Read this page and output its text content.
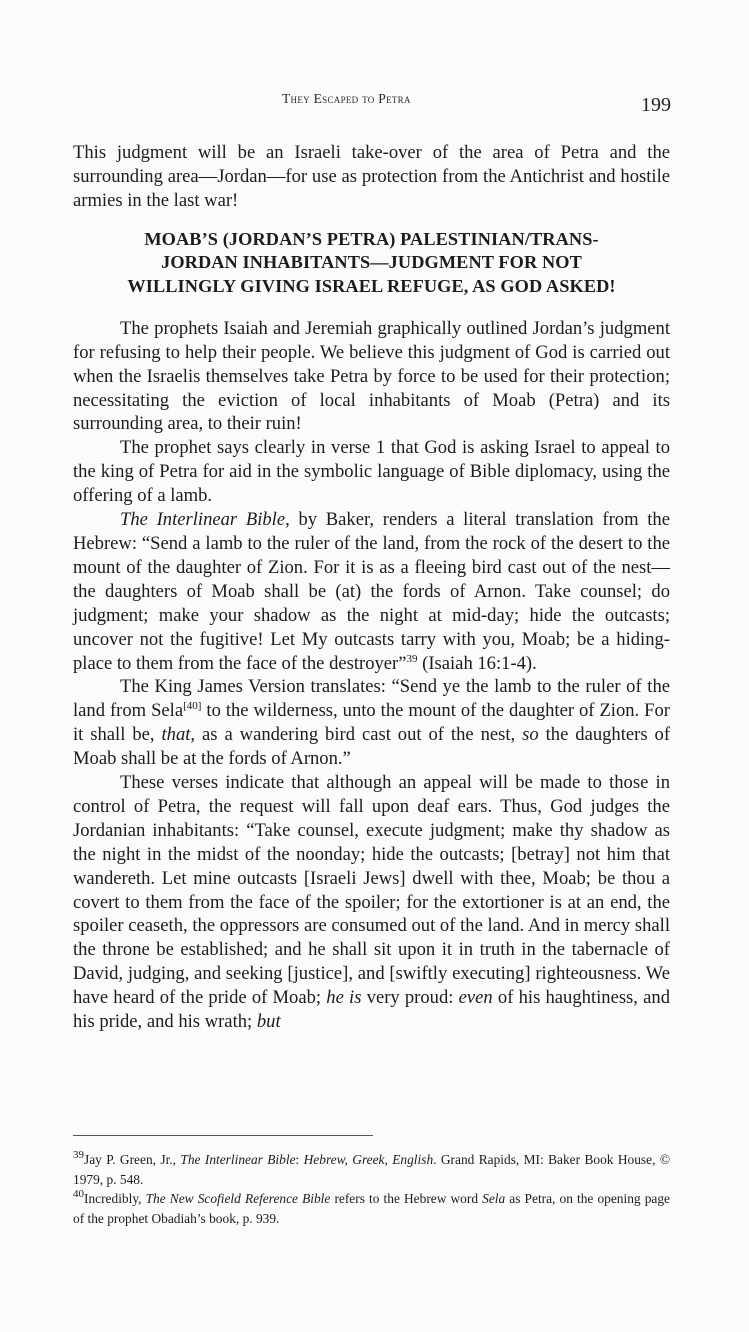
They Escaped to Petra	199

This judgment will be an Israeli take-over of the area of Petra and the surrounding area—Jordan—for use as protection from the Antichrist and hostile armies in the last war!

MOAB’S (JORDAN’S PETRA) PALESTINIAN/TRANS-
JORDAN INHABITANTS—JUDGMENT FOR NOT
WILLINGLY GIVING ISRAEL REFUGE, AS GOD ASKED!

The prophets Isaiah and Jeremiah graphically outlined Jordan’s judgment for refusing to help their people. We believe this judgment of God is carried out when the Israelis themselves take Petra by force to be used for their protection; necessitating the eviction of local inhabitants of Moab (Petra) and its surrounding area, to their ruin!

The prophet says clearly in verse 1 that God is asking Israel to appeal to the king of Petra for aid in the symbolic language of Bible diplomacy, using the offering of a lamb.

The Interlinear Bible, by Baker, renders a literal translation from the Hebrew: “Send a lamb to the ruler of the land, from the rock of the desert to the mount of the daughter of Zion. For it is as a fleeing bird cast out of the nest—the daughters of Moab shall be (at) the fords of Arnon. Take counsel; do judgment; make your shadow as the night at mid-day; hide the outcasts; uncover not the fugitive! Let My outcasts tarry with you, Moab; be a hiding-place to them from the face of the destroyer”$^{39}$ (Isaiah 16:1-4).

The King James Version translates: “Send ye the lamb to the ruler of the land from Sela[40] to the wilderness, unto the mount of the daughter of Zion. For it shall be, that, as a wandering bird cast out of the nest, so the daughters of Moab shall be at the fords of Arnon.”

These verses indicate that although an appeal will be made to those in control of Petra, the request will fall upon deaf ears. Thus, God judges the Jordanian inhabitants: “Take counsel, execute judgment; make thy shadow as the night in the midst of the noonday; hide the outcasts; [betray] not him that wandereth. Let mine outcasts [Israeli Jews] dwell with thee, Moab; be thou a covert to them from the face of the spoiler; for the extortioner is at an end, the spoiler ceaseth, the oppressors are consumed out of the land. And in mercy shall the throne be established; and he shall sit upon it in truth in the tabernacle of David, judging, and seeking [justice], and [swiftly executing] righteousness. We have heard of the pride of Moab; he is very proud: even of his haughtiness, and his pride, and his wrath; but

$^{39}$Jay P. Green, Jr., The Interlinear Bible: Hebrew, Greek, English. Grand Rapids, MI: Baker Book House, © 1979, p. 548.

$^{40}$Incredibly, The New Scofield Reference Bible refers to the Hebrew word Sela as Petra, on the opening page of the prophet Obadiah’s book, p. 939.
